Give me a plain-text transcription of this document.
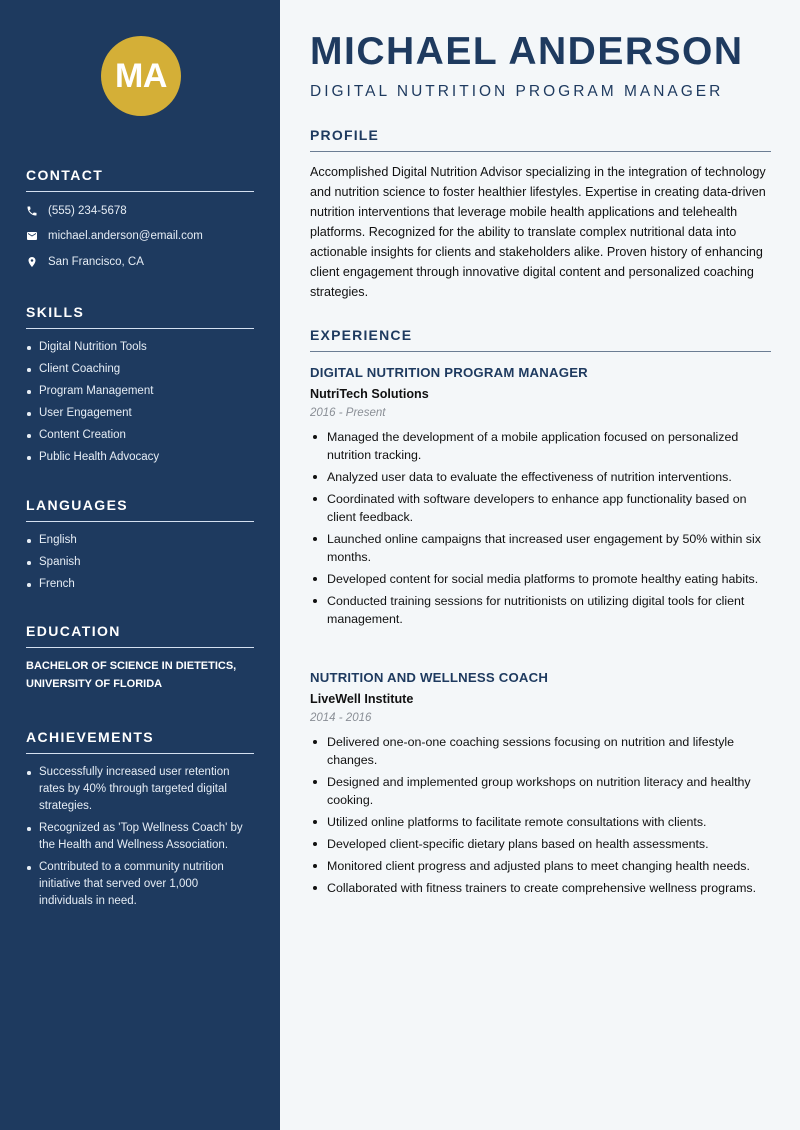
MA
CONTACT
(555) 234-5678
michael.anderson@email.com
San Francisco, CA
SKILLS
Digital Nutrition Tools
Client Coaching
Program Management
User Engagement
Content Creation
Public Health Advocacy
LANGUAGES
English
Spanish
French
EDUCATION
BACHELOR OF SCIENCE IN DIETETICS,
UNIVERSITY OF FLORIDA
ACHIEVEMENTS
Successfully increased user retention rates by 40% through targeted digital strategies.
Recognized as 'Top Wellness Coach' by the Health and Wellness Association.
Contributed to a community nutrition initiative that served over 1,000 individuals in need.
MICHAEL ANDERSON
DIGITAL NUTRITION PROGRAM MANAGER
PROFILE

Accomplished Digital Nutrition Advisor specializing in the integration of technology and nutrition science to foster healthier lifestyles. Expertise in creating data-driven nutrition interventions that leverage mobile health applications and telehealth platforms. Recognized for the ability to translate complex nutritional data into actionable insights for clients and stakeholders alike. Proven history of enhancing client engagement through innovative digital content and personalized coaching strategies.

EXPERIENCE
DIGITAL NUTRITION PROGRAM MANAGER
NutriTech Solutions
2016 - Present
Managed the development of a mobile application focused on personalized nutrition tracking.
Analyzed user data to evaluate the effectiveness of nutrition interventions.
Coordinated with software developers to enhance app functionality based on client feedback.
Launched online campaigns that increased user engagement by 50% within six months.
Developed content for social media platforms to promote healthy eating habits.
Conducted training sessions for nutritionists on utilizing digital tools for client management.
NUTRITION AND WELLNESS COACH
LiveWell Institute
2014 - 2016
Delivered one-on-one coaching sessions focusing on nutrition and lifestyle changes.
Designed and implemented group workshops on nutrition literacy and healthy cooking.
Utilized online platforms to facilitate remote consultations with clients.
Developed client-specific dietary plans based on health assessments.
Monitored client progress and adjusted plans to meet changing health needs.
Collaborated with fitness trainers to create comprehensive wellness programs.
